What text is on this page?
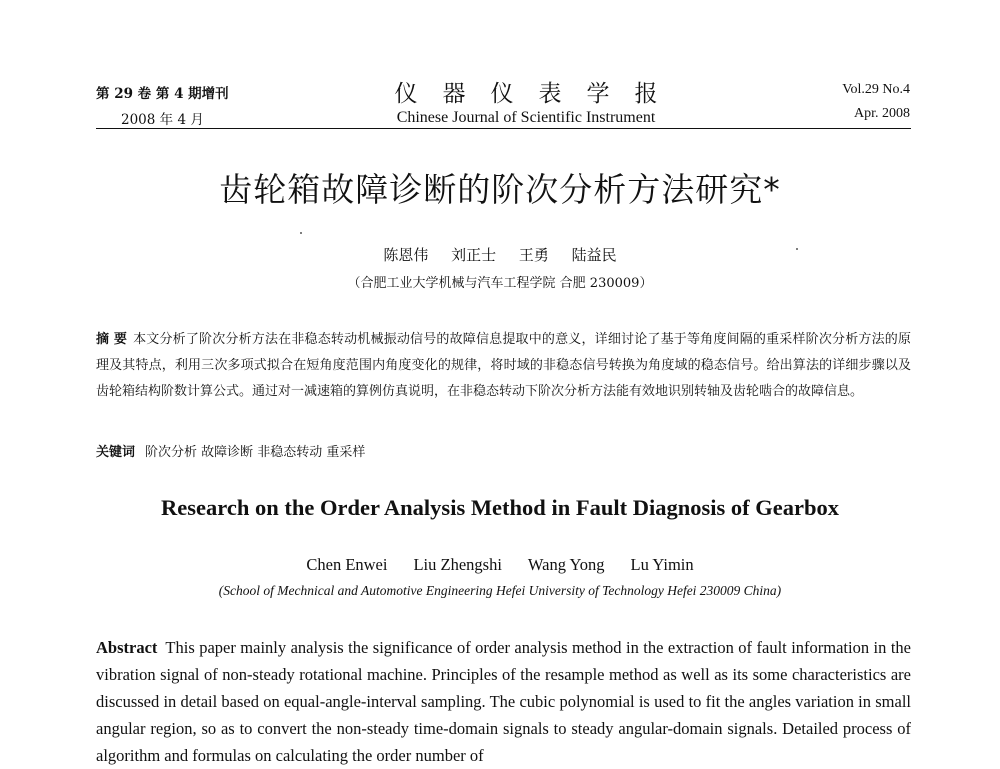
第 29 卷 第 4 期增刊
2008 年 4 月
仪器仪表学报
Chinese Journal of Scientific Instrument
Vol.29 No.4
Apr. 2008
齿轮箱故障诊断的阶次分析方法研究*
陈恩伟 刘正士 王勇 陆益民
（合肥工业大学机械与汽车工程学院 合肥 230009）
摘 要 本文分析了阶次分析方法在非稳态转动机械振动信号的故障信息提取中的意义，详细讨论了基于等角度间隔的重采样阶次分析方法的原理及其特点，利用三次多项式拟合在短角度范围内角度变化的规律，将时域的非稳态信号转换为角度域的稳态信号。给出算法的详细步骤以及齿轮箱结构阶数计算公式。通过对一减速箱的算例仿真说明，在非稳态转动下阶次分析方法能有效地识别转轴及齿轮啮合的故障信息。
关键词 阶次分析 故障诊断 非稳态转动 重采样
Research on the Order Analysis Method in Fault Diagnosis of Gearbox
Chen Enwei Liu Zhengshi Wang Yong Lu Yimin
(School of Mechnical and Automotive Engineering Hefei University of Technology Hefei 230009 China)
Abstract This paper mainly analysis the significance of order analysis method in the extraction of fault information in the vibration signal of non-steady rotational machine. Principles of the resample method as well as its some characteristics are discussed in detail based on equal-angle-interval sampling. The cubic polynomial is used to fit the angles variation in small angular region, so as to convert the non-steady time-domain signals to steady angular-domain signals. Detailed process of algorithm and formulas on calculating the order number of
